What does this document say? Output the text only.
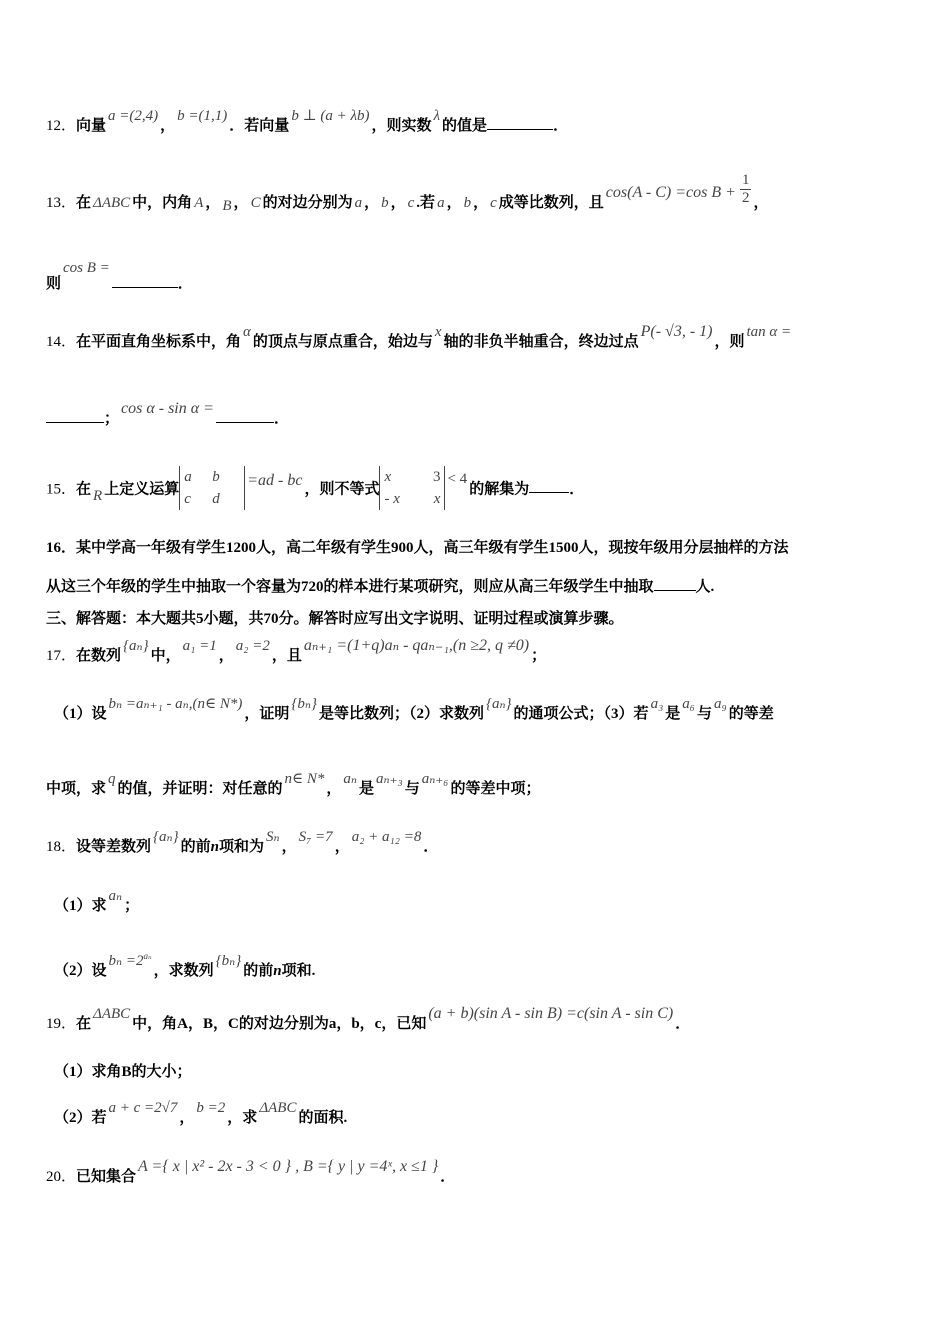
12．向量a =(2,4)，b =(1,1)．若向量b ⊥ (a + λb)，则实数λ的值是	．
13．在 ΔABC 中，内角 A ， B ， C 的对边分别为 a ， b ， c .若 a ， b ， c 成等比数列，且cos(A - C) =cos $B + \frac{1}{2}$ ，
则cos B =．
14．在平面直角坐标系中，角α的顶点与原点重合，始边与x轴的非负半轴重合，终边过点P(- √3, - 1)，则tan α =
；cos α - sin α =．
15．在 R 上定义运算a b
c d=ad - bc ，则不等式x	3
- x x< 4的解集为	．
16．某中学高一年级有学生1200人，高二年级有学生900人，高三年级有学生1500人，现按年级用分层抽样的方法
从这三个年级的学生中抽取一个容量为720的样本进行某项研究，则应从高三年级学生中抽取	人.
三、解答题：本大题共5小题，共70分。解答时应写出文字说明、证明过程或演算步骤。
17．在数列{aₙ}中，a₁ =1，a₂ =2，且aₙ₊₁ =(1+q)aₙ - qaₙ₋₁,(n ≥2, q ≠0)；
（1）设bₙ =aₙ₊₁ - aₙ,(n∈ N*)，证明{bₙ}是等比数列；（2）求数列{aₙ}的通项公式；（3）若a₃是a₆与a₉的等差
中项，求q的值，并证明：对任意的n∈ N*，aₙ是aₙ₊₃与aₙ₊₆的等差中项；
18．设等差数列{aₙ}的前n项和为Sₙ，S₇ =7，a₂ + a₁₂ =8．
（1）求aₙ；
（2）设$b_n =2^{a_n}$，求数列{bₙ}的前n项和.
19．在ΔABC中，角A，B，C的对边分别为a，b，c，已知(a + b)(sin A - sin B) =c(sin A - sin C)．
（1）求角B的大小；
（2）若a + c =2√7，b =2，求ΔABC的面积.
20．已知集合A ={ x | x² - 2x - 3 < 0 } , B ={ y | y =4ˣ, x ≤1 }．
